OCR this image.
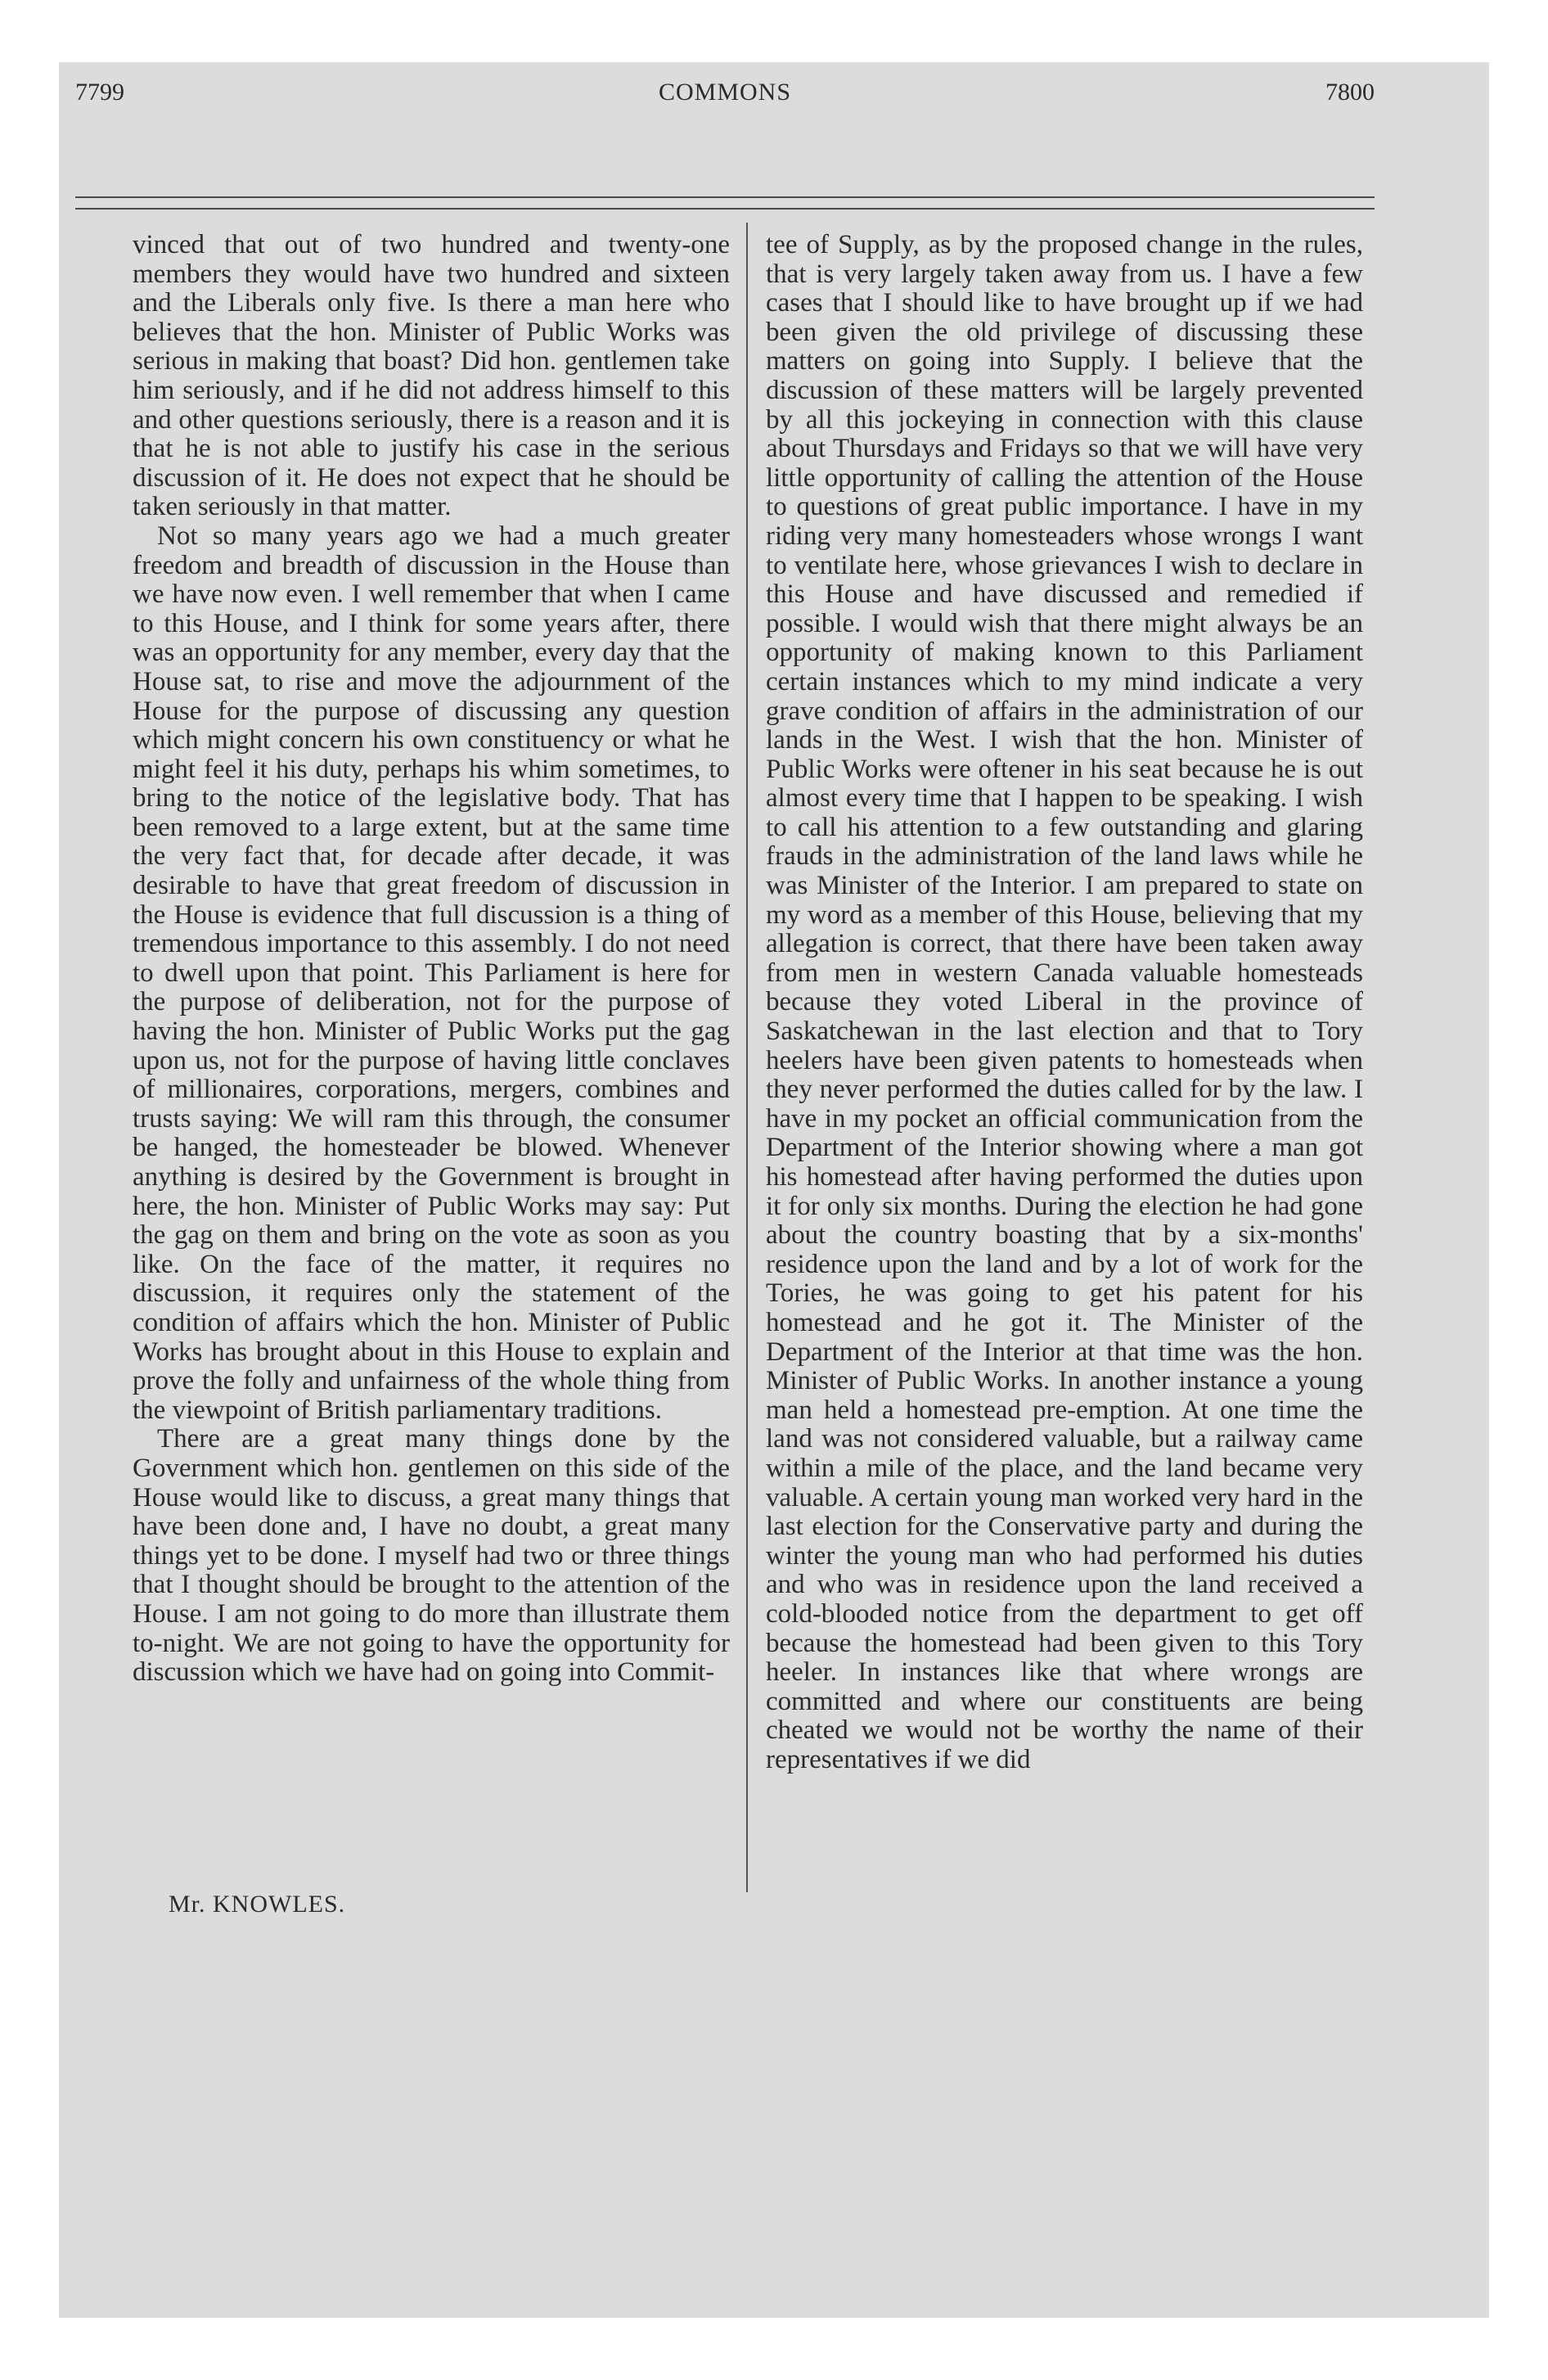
7799	COMMONS	7800

vinced that out of two hundred and twenty-one members they would have two hundred and sixteen and the Liberals only five. Is there a man here who believes that the hon. Minister of Public Works was serious in making that boast? Did hon. gentlemen take him seriously, and if he did not address himself to this and other questions seriously, there is a reason and it is that he is not able to justify his case in the serious discussion of it. He does not expect that he should be taken seriously in that matter.

Not so many years ago we had a much greater freedom and breadth of discussion in the House than we have now even. I well remember that when I came to this House, and I think for some years after, there was an opportunity for any member, every day that the House sat, to rise and move the adjournment of the House for the purpose of discussing any question which might concern his own constituency or what he might feel it his duty, perhaps his whim sometimes, to bring to the notice of the legislative body. That has been removed to a large extent, but at the same time the very fact that, for decade after decade, it was desirable to have that great freedom of discussion in the House is evidence that full discussion is a thing of tremendous importance to this assembly. I do not need to dwell upon that point. This Parliament is here for the purpose of deliberation, not for the purpose of having the hon. Minister of Public Works put the gag upon us, not for the purpose of having little conclaves of millionaires, corporations, mergers, combines and trusts saying: We will ram this through, the consumer be hanged, the homesteader be blowed. Whenever anything is desired by the Government is brought in here, the hon. Minister of Public Works may say: Put the gag on them and bring on the vote as soon as you like. On the face of the matter, it requires no discussion, it requires only the statement of the condition of affairs which the hon. Minister of Public Works has brought about in this House to explain and prove the folly and unfairness of the whole thing from the viewpoint of British parliamentary traditions.

There are a great many things done by the Government which hon. gentlemen on this side of the House would like to discuss, a great many things that have been done and, I have no doubt, a great many things yet to be done. I myself had two or three things that I thought should be brought to the attention of the House. I am not going to do more than illustrate them to-night. We are not going to have the opportunity for discussion which we have had on going into Commit-

tee of Supply, as by the proposed change in the rules, that is very largely taken away from us. I have a few cases that I should like to have brought up if we had been given the old privilege of discussing these matters on going into Supply. I believe that the discussion of these matters will be largely prevented by all this jockeying in connection with this clause about Thursdays and Fridays so that we will have very little opportunity of calling the attention of the House to questions of great public importance. I have in my riding very many homesteaders whose wrongs I want to ventilate here, whose grievances I wish to declare in this House and have discussed and remedied if possible. I would wish that there might always be an opportunity of making known to this Parliament certain instances which to my mind indicate a very grave condition of affairs in the administration of our lands in the West. I wish that the hon. Minister of Public Works were oftener in his seat because he is out almost every time that I happen to be speaking. I wish to call his attention to a few outstanding and glaring frauds in the administration of the land laws while he was Minister of the Interior. I am prepared to state on my word as a member of this House, believing that my allegation is correct, that there have been taken away from men in western Canada valuable homesteads because they voted Liberal in the province of Saskatchewan in the last election and that to Tory heelers have been given patents to homesteads when they never performed the duties called for by the law. I have in my pocket an official communication from the Department of the Interior showing where a man got his homestead after having performed the duties upon it for only six months. During the election he had gone about the country boasting that by a six-months' residence upon the land and by a lot of work for the Tories, he was going to get his patent for his homestead and he got it. The Minister of the Department of the Interior at that time was the hon. Minister of Public Works. In another instance a young man held a homestead pre-emption. At one time the land was not considered valuable, but a railway came within a mile of the place, and the land became very valuable. A certain young man worked very hard in the last election for the Conservative party and during the winter the young man who had performed his duties and who was in residence upon the land received a cold-blooded notice from the department to get off because the homestead had been given to this Tory heeler. In instances like that where wrongs are committed and where our constituents are being cheated we would not be worthy the name of their representatives if we did

Mr. KNOWLES.
